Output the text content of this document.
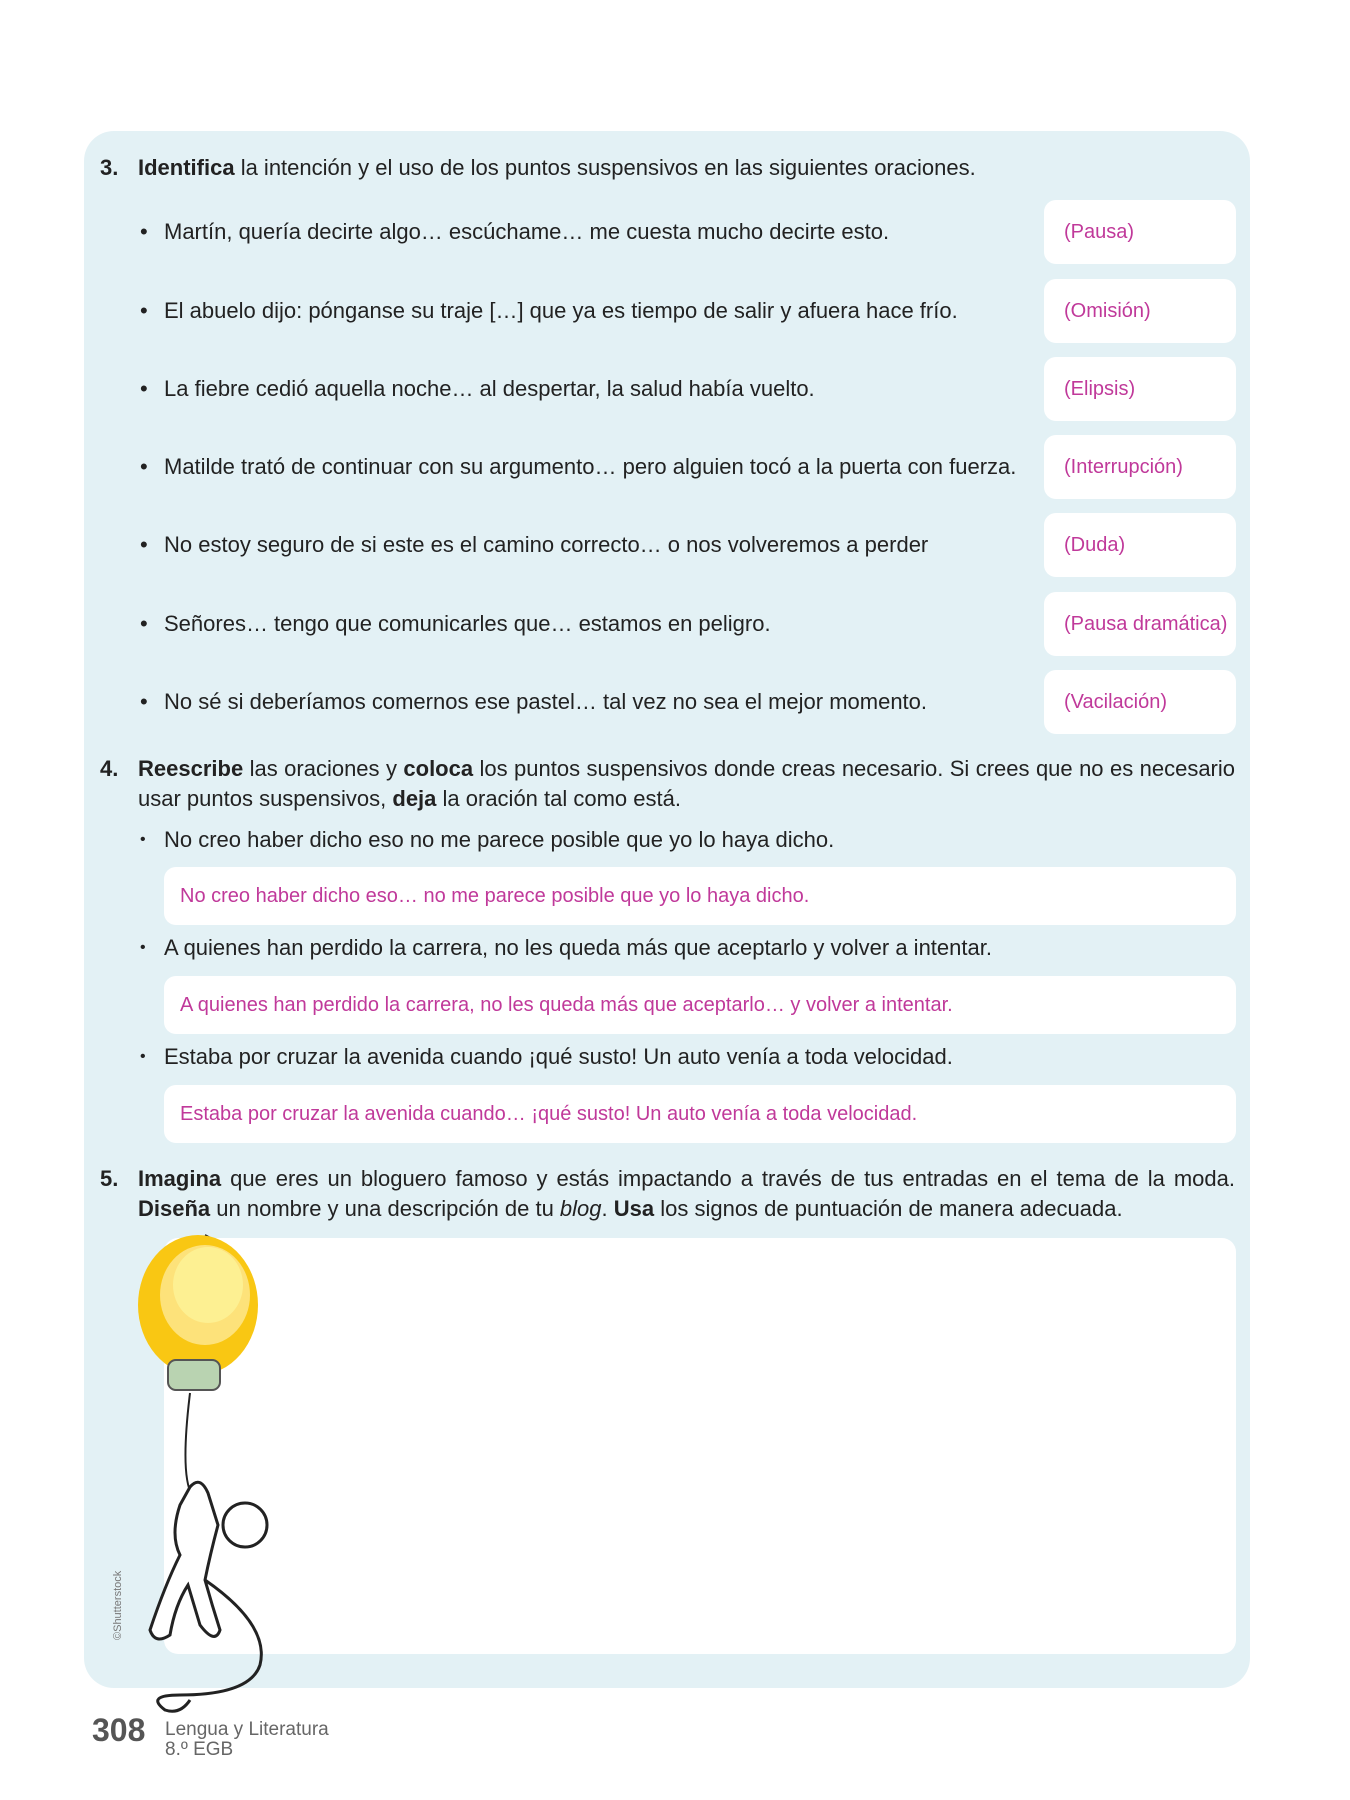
3. Identifica la intención y el uso de los puntos suspensivos en las siguientes oraciones.
• Martín, quería decirte algo… escúchame… me cuesta mucho decirte esto.	(Pausa)
• El abuelo dijo: pónganse su traje […] que ya es tiempo de salir y afuera hace frío.	(Omisión)
• La fiebre cedió aquella noche… al despertar, la salud había vuelto.	(Elipsis)
• Matilde trató de continuar con su argumento… pero alguien tocó a la puerta con fuerza.	(Interrupción)
• No estoy seguro de si este es el camino correcto… o nos volveremos a perder	(Duda)
• Señores… tengo que comunicarles que… estamos en peligro.	(Pausa dramática)
• No sé si deberíamos comernos ese pastel… tal vez no sea el mejor momento.	(Vacilación)
4. Reescribe las oraciones y coloca los puntos suspensivos donde creas necesario. Si crees que no es necesario usar puntos suspensivos, deja la oración tal como está.
• No creo haber dicho eso no me parece posible que yo lo haya dicho.
No creo haber dicho eso… no me parece posible que yo lo haya dicho.
• A quienes han perdido la carrera, no les queda más que aceptarlo y volver a intentar.
A quienes han perdido la carrera, no les queda más que aceptarlo… y volver a intentar.
• Estaba por cruzar la avenida cuando ¡qué susto! Un auto venía a toda velocidad.
Estaba por cruzar la avenida cuando… ¡qué susto! Un auto venía a toda velocidad.
5. Imagina que eres un bloguero famoso y estás impactando a través de tus entradas en el tema de la moda. Diseña un nombre y una descripción de tu blog. Usa los signos de puntuación de manera adecuada.
©Shutterstock
308 Lengua y Literatura
8.º EGB
